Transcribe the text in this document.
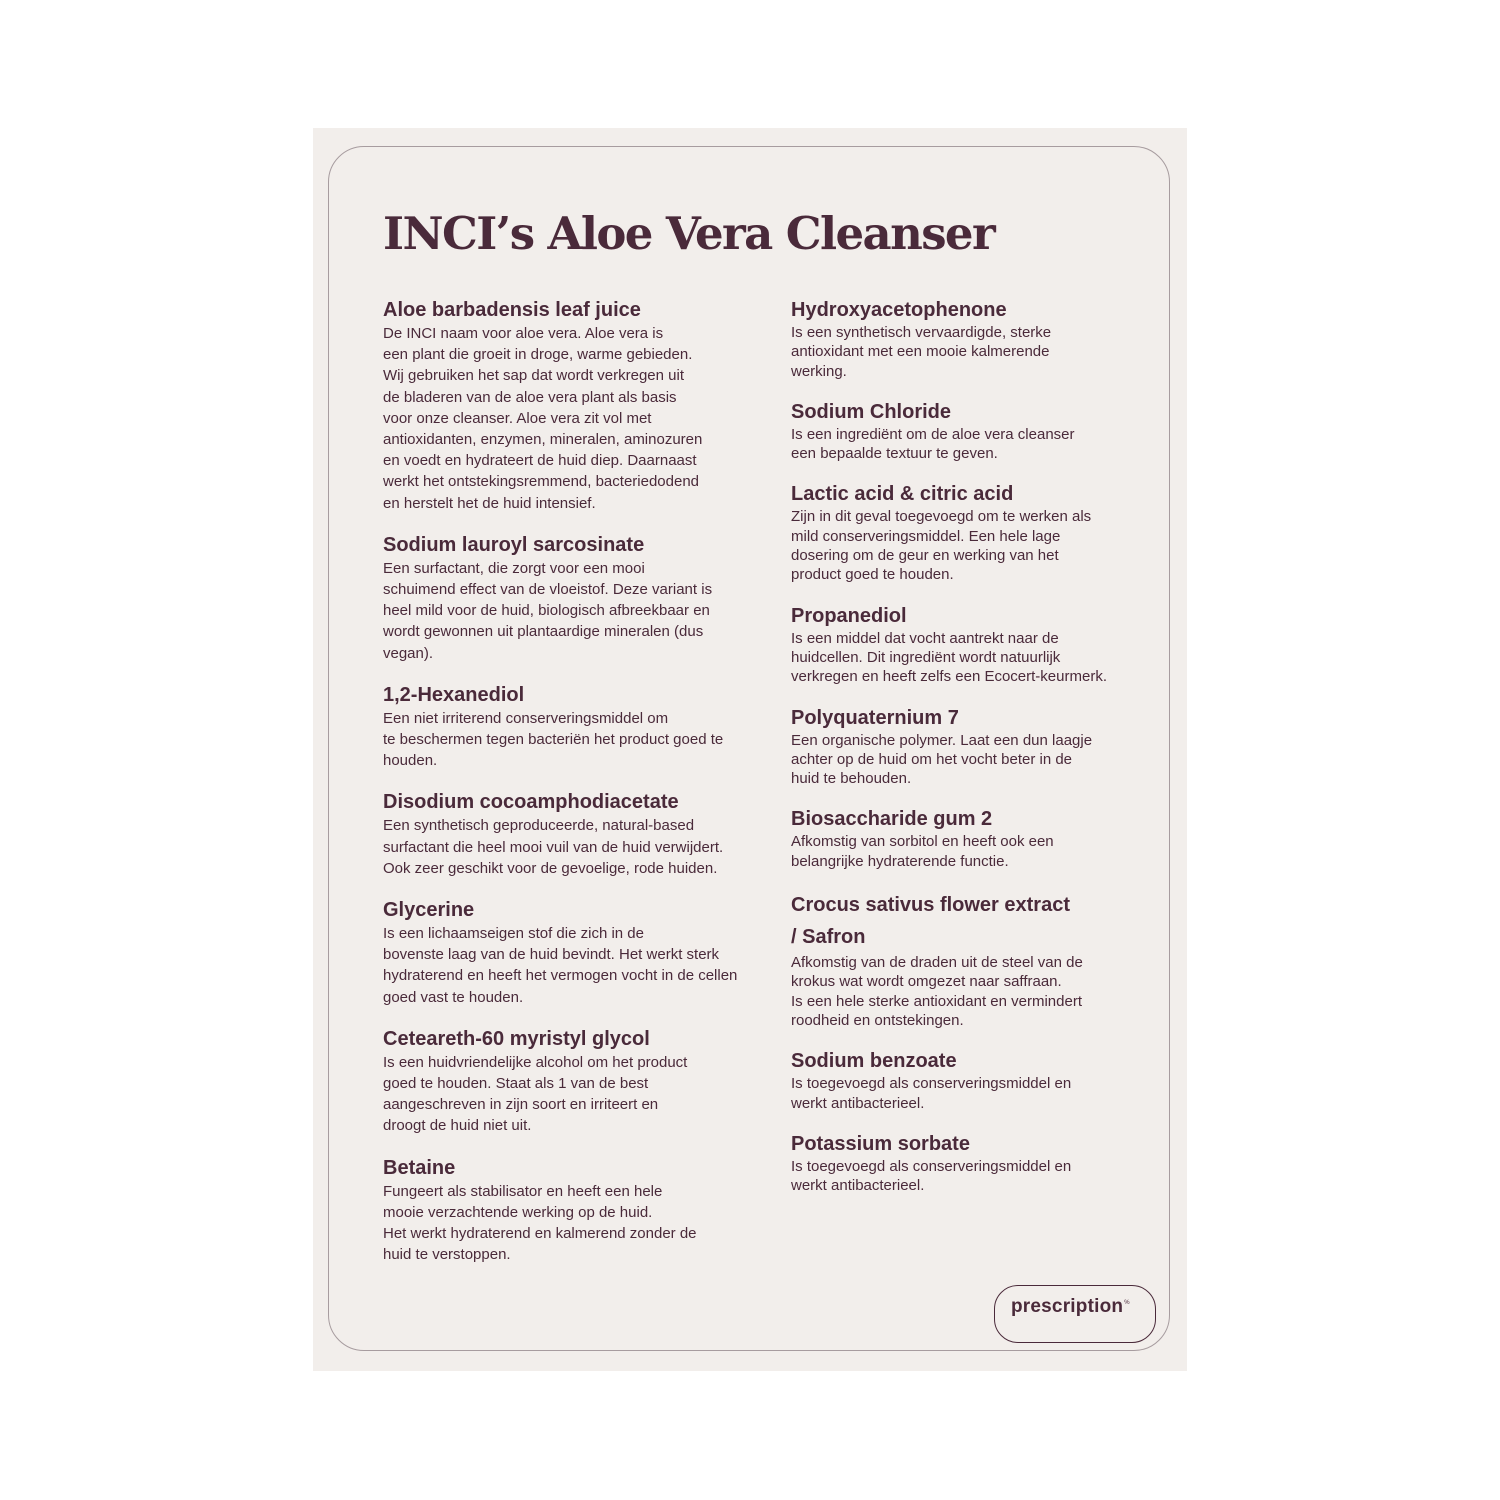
INCI’s Aloe Vera Cleanser

Aloe barbadensis leaf juice

De INCI naam voor aloe vera. Aloe vera is
een plant die groeit in droge, warme gebieden.
Wij gebruiken het sap dat wordt verkregen uit
de bladeren van de aloe vera plant als basis
voor onze cleanser. Aloe vera zit vol met
antioxidanten, enzymen, mineralen, aminozuren
en voedt en hydrateert de huid diep. Daarnaast
werkt het ontstekingsremmend, bacteriedodend
en herstelt het de huid intensief.

Sodium lauroyl sarcosinate

Een surfactant, die zorgt voor een mooi
schuimend effect van de vloeistof. Deze variant is
heel mild voor de huid, biologisch afbreekbaar en
wordt gewonnen uit plantaardige mineralen (dus
vegan).

1,2-Hexanediol

Een niet irriterend conserveringsmiddel om
te beschermen tegen bacteriën het product goed te
houden.

Disodium cocoamphodiacetate

Een synthetisch geproduceerde, natural-based
surfactant die heel mooi vuil van de huid verwijdert.
Ook zeer geschikt voor de gevoelige, rode huiden.

Glycerine

Is een lichaamseigen stof die zich in de
bovenste laag van de huid bevindt. Het werkt sterk
hydraterend en heeft het vermogen vocht in de cellen
goed vast te houden.

Ceteareth-60 myristyl glycol

Is een huidvriendelijke alcohol om het product
goed te houden. Staat als 1 van de best
aangeschreven in zijn soort en irriteert en
droogt de huid niet uit.

Betaine

Fungeert als stabilisator en heeft een hele
mooie verzachtende werking op de huid.
Het werkt hydraterend en kalmerend zonder de
huid te verstoppen.

Hydroxyacetophenone

Is een synthetisch vervaardigde, sterke
antioxidant met een mooie kalmerende
werking.

Sodium Chloride

Is een ingrediënt om de aloe vera cleanser
een bepaalde textuur te geven.

Lactic acid & citric acid

Zijn in dit geval toegevoegd om te werken als
mild conserveringsmiddel. Een hele lage
dosering om de geur en werking van het
product goed te houden.

Propanediol

Is een middel dat vocht aantrekt naar de
huidcellen. Dit ingrediënt wordt natuurlijk
verkregen en heeft zelfs een Ecocert-keurmerk.

Polyquaternium 7

Een organische polymer. Laat een dun laagje
achter op de huid om het vocht beter in de
huid te behouden.

Biosaccharide gum 2

Afkomstig van sorbitol en heeft ook een
belangrijke hydraterende functie.

Crocus sativus flower extract
/ Safron

Afkomstig van de draden uit de steel van de
krokus wat wordt omgezet naar saffraan.
Is een hele sterke antioxidant en vermindert
roodheid en ontstekingen.

Sodium benzoate

Is toegevoegd als conserveringsmiddel en
werkt antibacterieel.

Potassium sorbate

Is toegevoegd als conserveringsmiddel en
werkt antibacterieel.

prescription%
